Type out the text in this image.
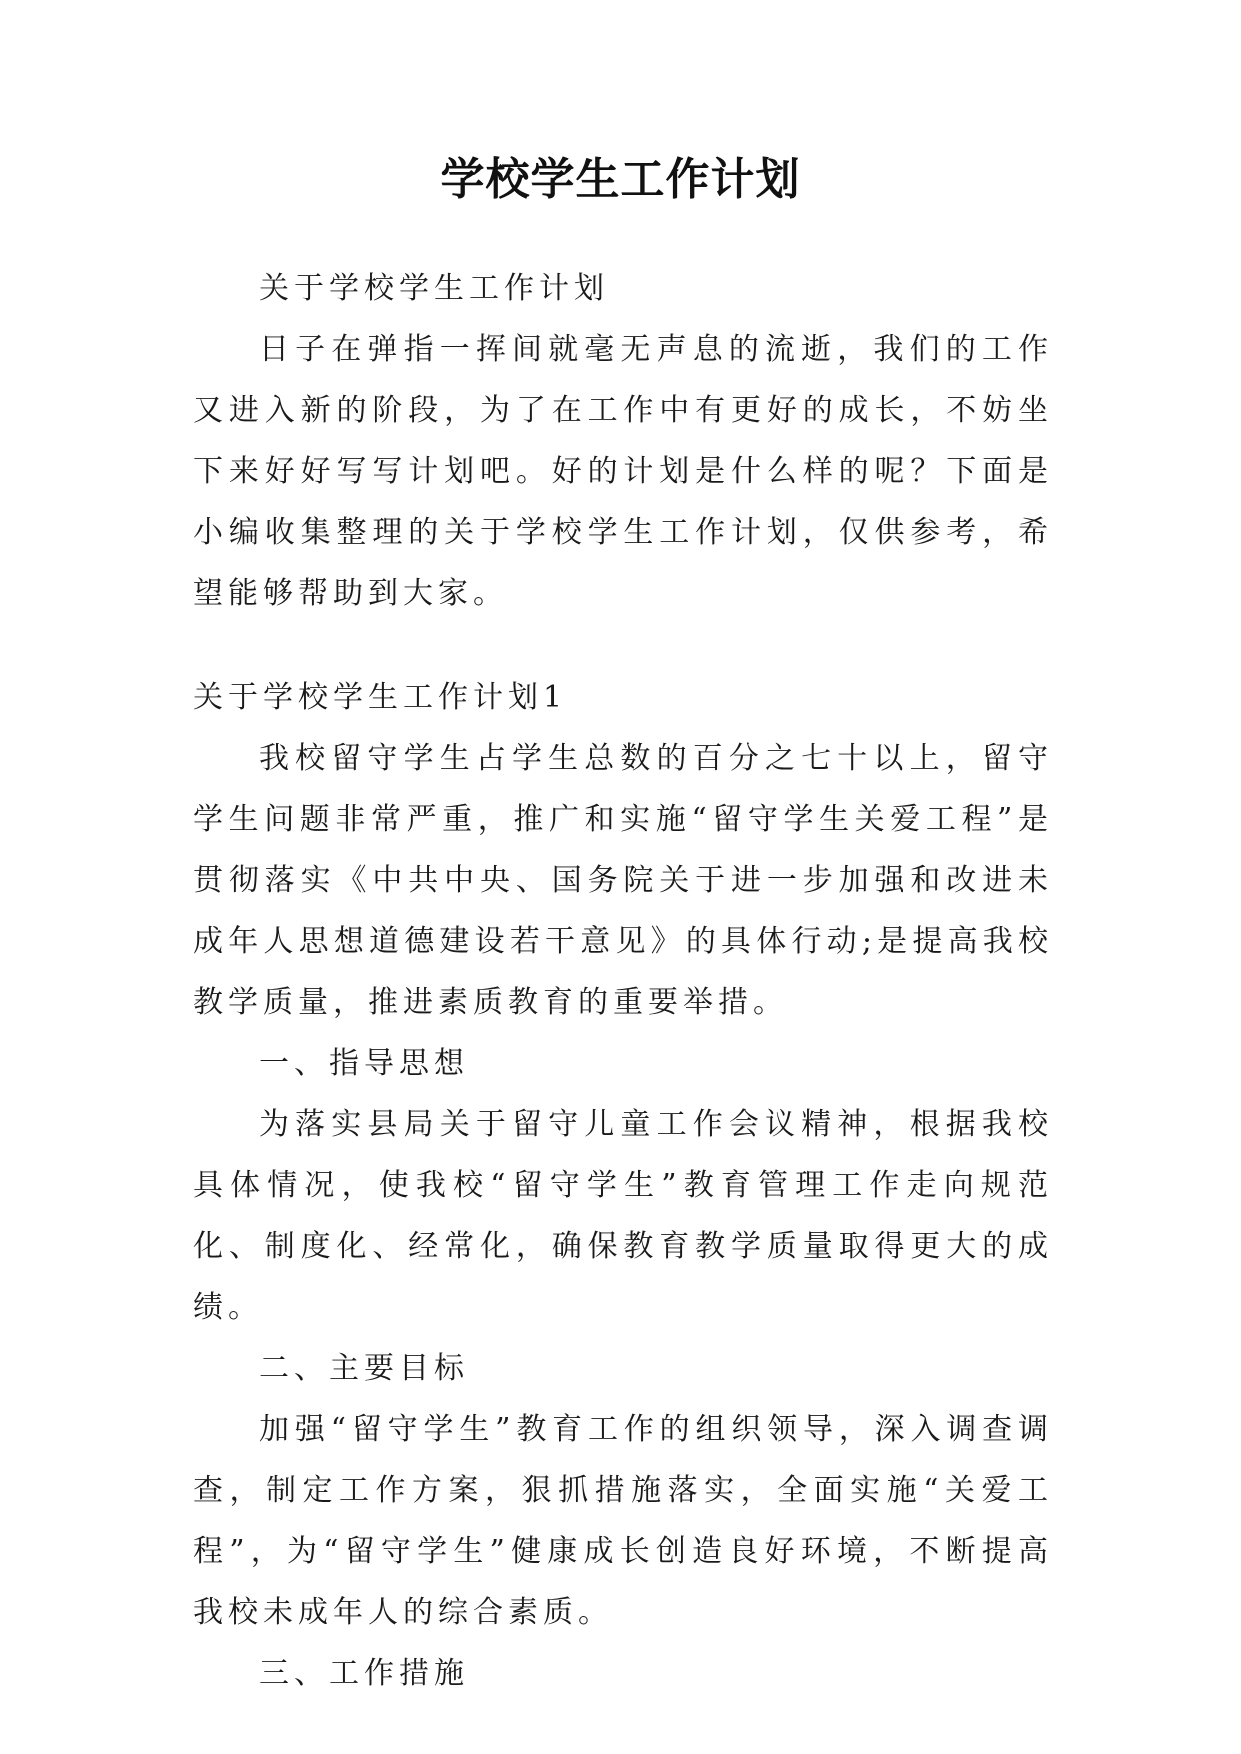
学校学生工作计划

关于学校学生工作计划

日子在弹指一挥间就毫无声息的流逝，我们的工作又进入新的阶段，为了在工作中有更好的成长，不妨坐下来好好写写计划吧。好的计划是什么样的呢？下面是小编收集整理的关于学校学生工作计划，仅供参考，希望能够帮助到大家。

关于学校学生工作计划1

我校留守学生占学生总数的百分之七十以上，留守学生问题非常严重，推广和实施“留守学生关爱工程”是贯彻落实《中共中央、国务院关于进一步加强和改进未成年人思想道德建设若干意见》的具体行动;是提高我校教学质量，推进素质教育的重要举措。

一、指导思想

为落实县局关于留守儿童工作会议精神，根据我校具体情况，使我校“留守学生”教育管理工作走向规范化、制度化、经常化，确保教育教学质量取得更大的成绩。

二、主要目标

加强“留守学生”教育工作的组织领导，深入调查调查，制定工作方案，狠抓措施落实，全面实施“关爱工程”，为“留守学生”健康成长创造良好环境，不断提高我校未成年人的综合素质。

三、工作措施
